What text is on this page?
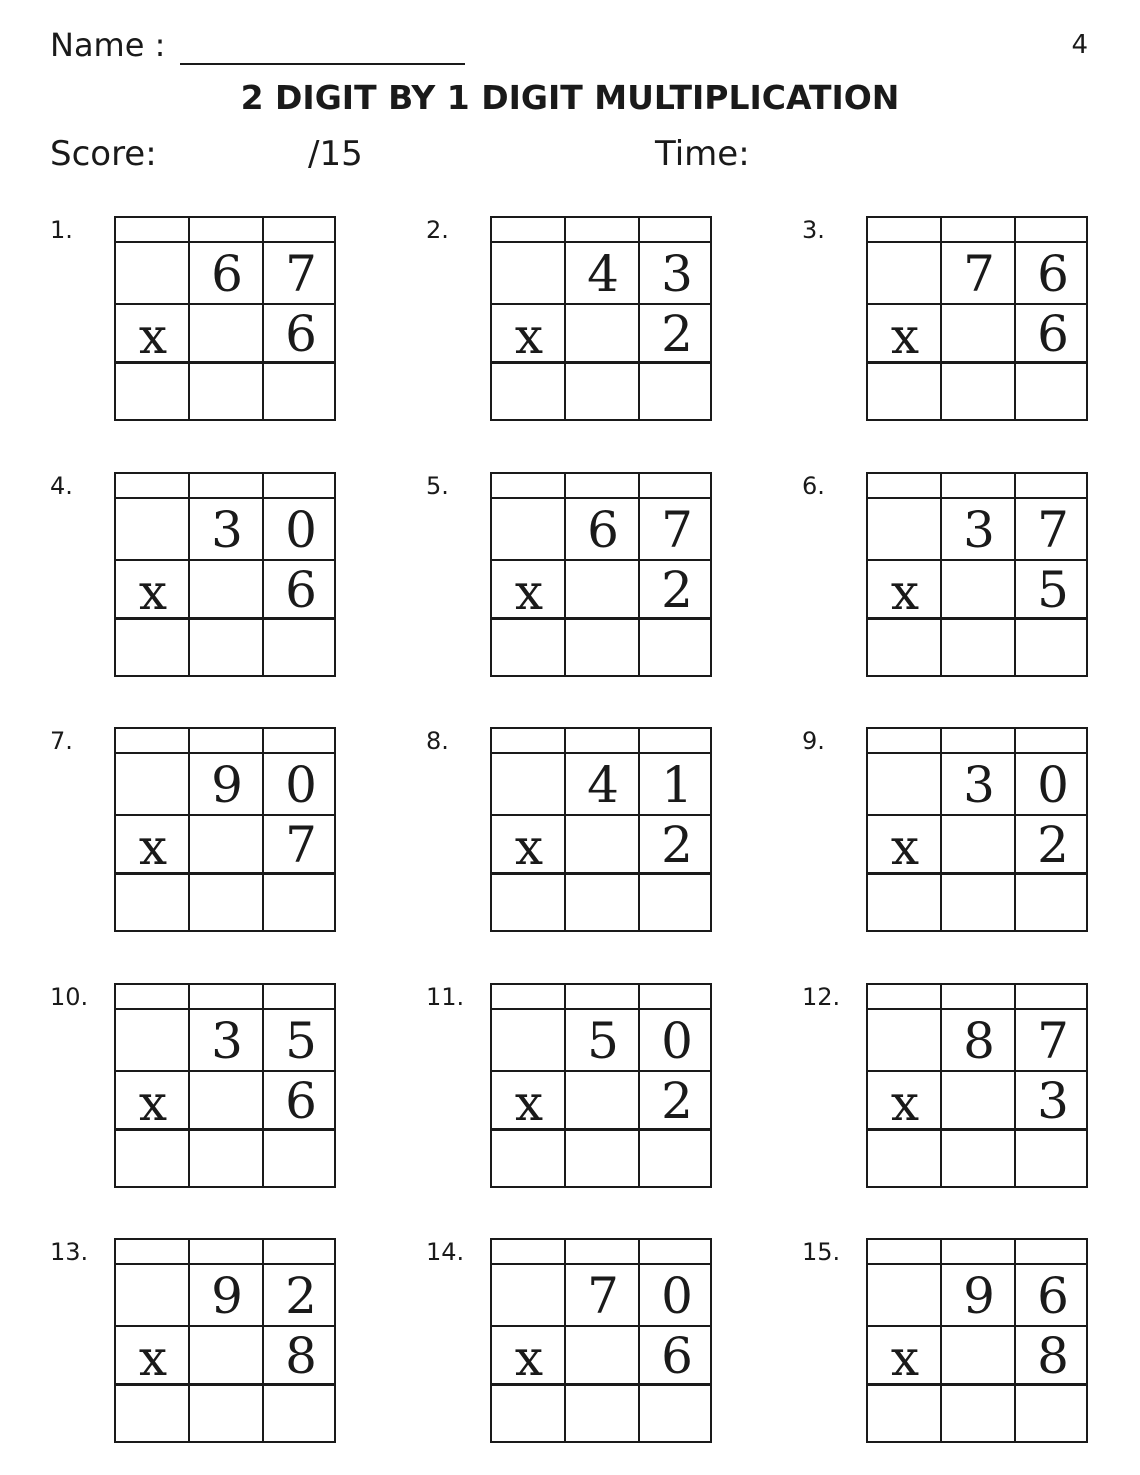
Name :	4
2 DIGIT BY 1 DIGIT MULTIPLICATION
Score:	/15	Time:
1.
6 7
x	6
2.
4 3
x	2
3.
7 6
x	6
4.
3 0
x	6
5.
6 7
x	2
6.
3 7
x	5
7.
9 0
x	7
8.
4 1
x	2
9.
3 0
x	2
10.
3 5
x	6
11.
5 0
x	2
12.
8 7
x	3
13.
9 2
x	8
14.
7 0
x	6
15.
9 6
x	8
